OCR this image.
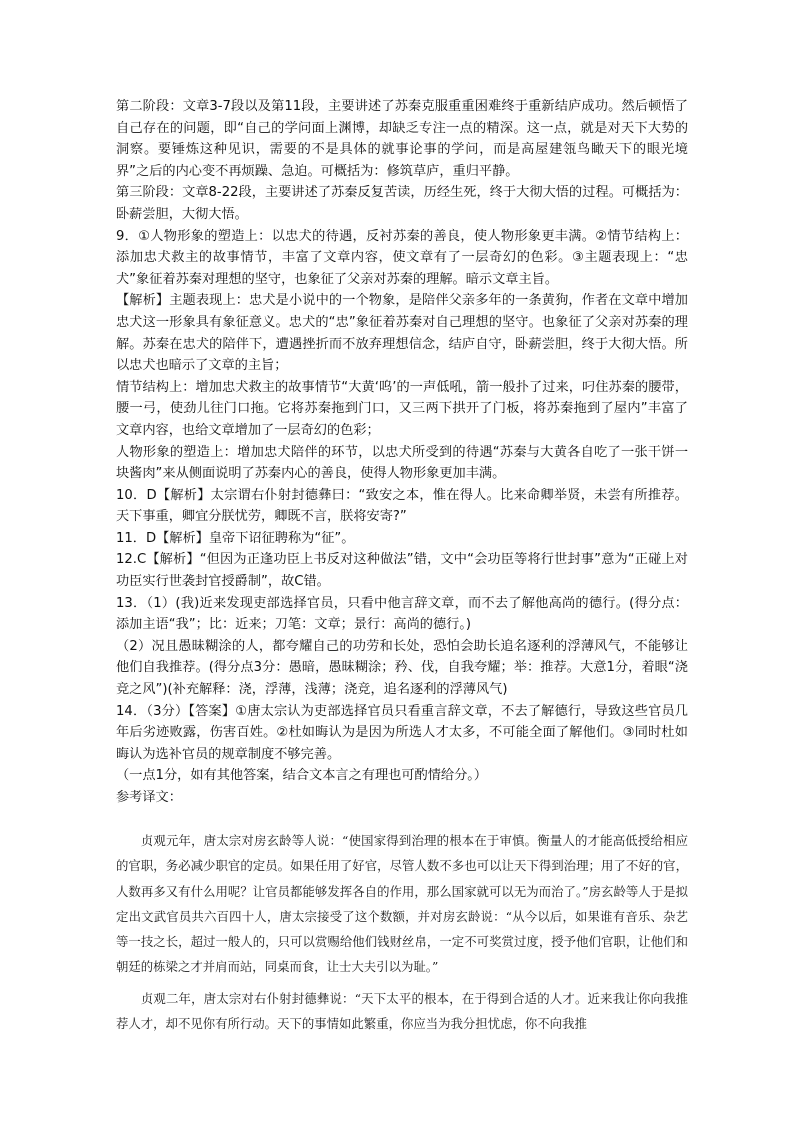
第二阶段：文章3-7段以及第11段，主要讲述了苏秦克服重重困难终于重新结庐成功。然后顿悟了自己存在的问题，即“自己的学问面上渊博，却缺乏专注一点的精深。这一点，就是对天下大势的洞察。要锤炼这种见识，需要的不是具体的就事论事的学问，而是高屋建瓴鸟瞰天下的眼光境界”之后的内心变不再烦躁、急迫。可概括为：修筑草庐，重归平静。

第三阶段：文章8-22段，主要讲述了苏秦反复苦读，历经生死，终于大彻大悟的过程。可概括为：卧薪尝胆，大彻大悟。

9．①人物形象的塑造上：以忠犬的待遇，反衬苏秦的善良，使人物形象更丰满。②情节结构上：添加忠犬救主的故事情节，丰富了文章内容，使文章有了一层奇幻的色彩。③主题表现上：“忠犬”象征着苏秦对理想的坚守，也象征了父亲对苏秦的理解。暗示文章主旨。

【解析】主题表现上：忠犬是小说中的一个物象，是陪伴父亲多年的一条黄狗，作者在文章中增加忠犬这一形象具有象征意义。忠犬的“忠”象征着苏秦对自己理想的坚守。也象征了父亲对苏秦的理解。苏秦在忠犬的陪伴下，遭遇挫折而不放弃理想信念，结庐自守，卧薪尝胆，终于大彻大悟。所以忠犬也暗示了文章的主旨；

情节结构上：增加忠犬救主的故事情节“大黄‘呜’的一声低吼，箭一般扑了过来，叼住苏秦的腰带，腰一弓，使劲儿往门口拖。它将苏秦拖到门口，又三两下拱开了门板，将苏秦拖到了屋内”丰富了文章内容，也给文章增加了一层奇幻的色彩；

人物形象的塑造上：增加忠犬陪伴的环节，以忠犬所受到的待遇“苏秦与大黄各自吃了一张干饼一块酱肉”来从侧面说明了苏秦内心的善良，使得人物形象更加丰满。

10．D【解析】太宗谓右仆射封德彝曰：“致安之本，惟在得人。比来命卿举贤，未尝有所推荐。天下事重，卿宜分朕忧劳，卿既不言，朕将安寄?”

11．D【解析】皇帝下诏征聘称为“征”。

12.C【解析】“但因为正逢功臣上书反对这种做法”错，文中“会功臣等将行世封事”意为“正碰上对功臣实行世袭封官授爵制”，故C错。

13．（1）(我)近来发现吏部选择官员，只看中他言辞文章，而不去了解他高尚的德行。(得分点：添加主语“我”；比：近来；刀笔：文章；景行：高尚的德行。)

（2）况且愚昧糊涂的人，都夸耀自己的功劳和长处，恐怕会助长追名逐利的浮薄风气，不能够让他们自我推荐。(得分点3分：愚暗，愚昧糊涂；矜、伐，自我夸耀；举：推荐。大意1分，着眼“浇竞之风”)(补充解释：浇，浮薄，浅薄；浇竞，追名逐利的浮薄风气)

14．（3分）【答案】①唐太宗认为吏部选择官员只看重言辞文章，不去了解德行，导致这些官员几年后劣迹败露，伤害百姓。②杜如晦认为是因为所选人才太多，不可能全面了解他们。③同时杜如晦认为选补官员的规章制度不够完善。

（一点1分，如有其他答案，结合文本言之有理也可酌情给分。）

参考译文：

贞观元年，唐太宗对房玄龄等人说：“使国家得到治理的根本在于审慎。衡量人的才能高低授给相应的官职，务必减少职官的定员。如果任用了好官，尽管人数不多也可以让天下得到治理；用了不好的官，人数再多又有什么用呢？让官员都能够发挥各自的作用，那么国家就可以无为而治了。”房玄龄等人于是拟定出文武官员共六百四十人，唐太宗接受了这个数额，并对房玄龄说：“从今以后，如果谁有音乐、杂艺等一技之长，超过一般人的，只可以赏赐给他们钱财丝帛，一定不可奖赏过度，授予他们官职，让他们和朝廷的栋梁之才并肩而站，同桌而食，让士大夫引以为耻。”

贞观二年，唐太宗对右仆射封德彝说：“天下太平的根本，在于得到合适的人才。近来我让你向我推荐人才，却不见你有所行动。天下的事情如此繁重，你应当为我分担忧虑，你不向我推
